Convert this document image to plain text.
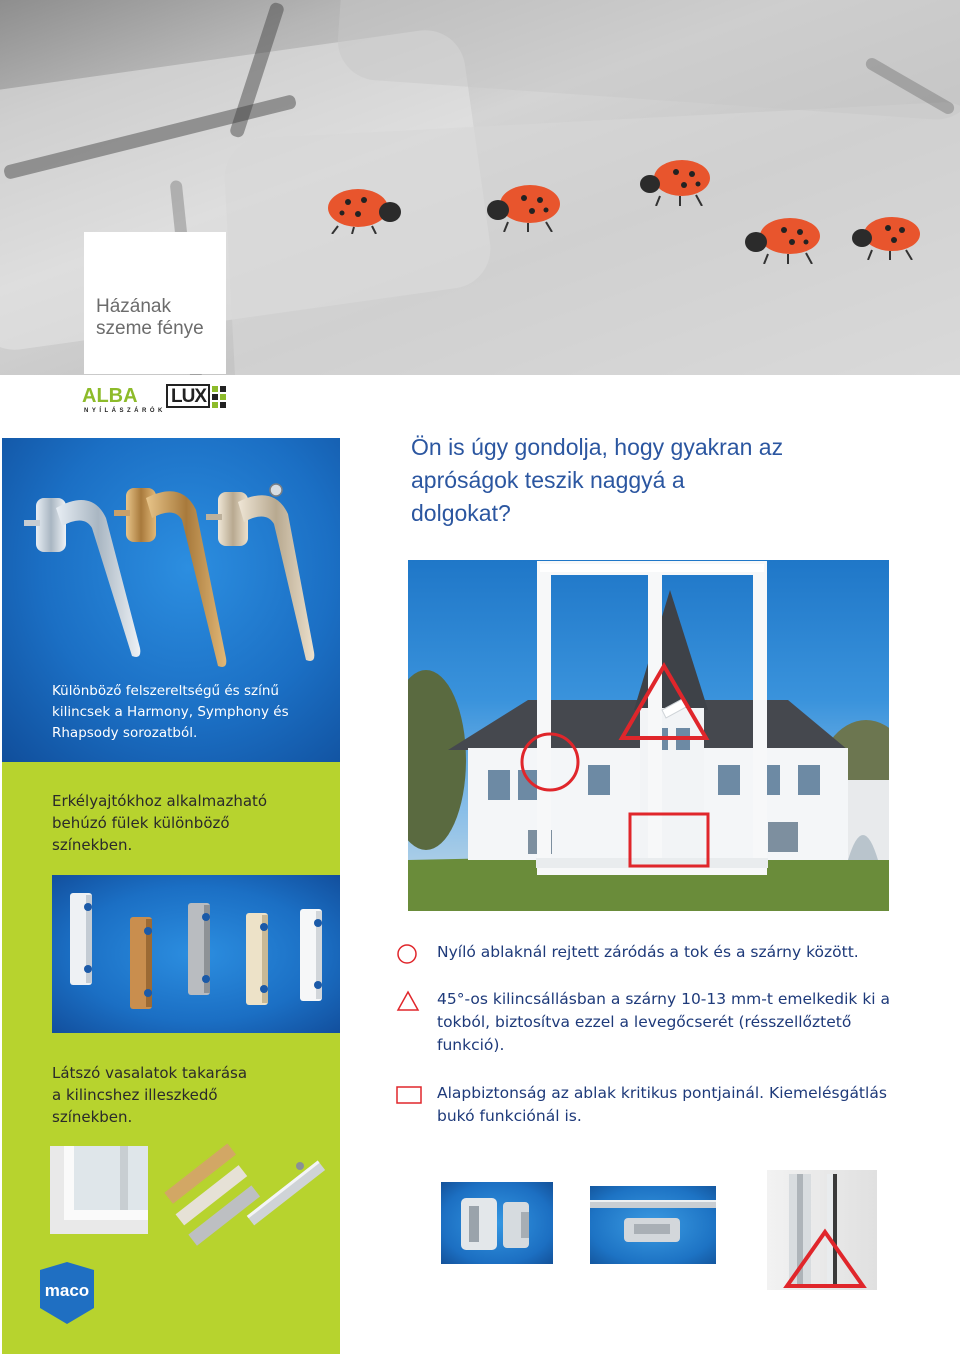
Házának
szeme fénye
ALBA LUX
NYÍLÁSZÁRÓK
Különböző felszereltségű és színű
kilincsek a Harmony, Symphony és
Rhapsody sorozatból.
Erkélyajtókhoz alkalmazható
behúzó fülek különböző
színekben.
Látszó vasalatok takarása
a kilincshez illeszkedő
színekben.
maco
Ön is úgy gondolja, hogy gyakran az
apróságok teszik naggyá a
dolgokat?
Nyíló ablaknál rejtett záródás a tok és a szárny között.
45°-os kilincsállásban a szárny 10-13 mm-t emelkedik ki a
tokból, biztosítva ezzel a levegőcserét (résszellőztető
funkció).
Alapbiztonság az ablak kritikus pontjainál. Kiemelésgátlás
bukó funkciónál is.
